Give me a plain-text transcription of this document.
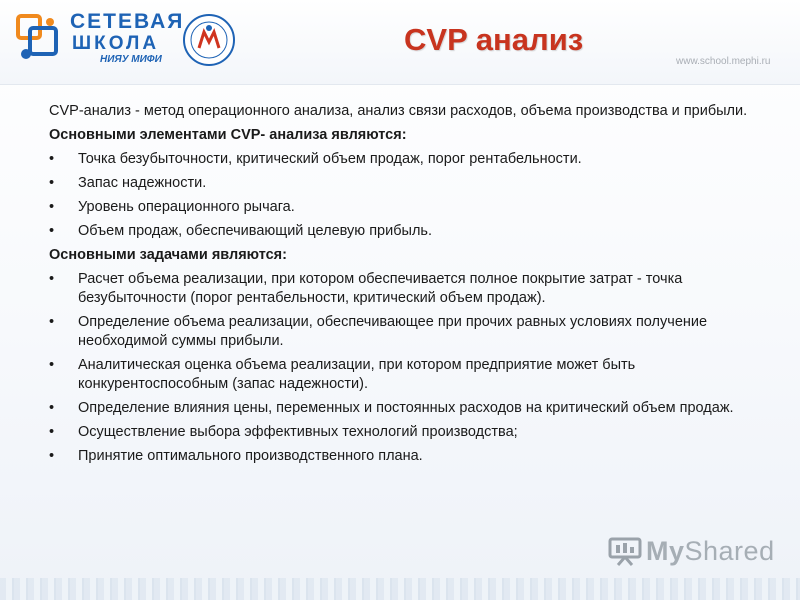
СЕТЕВАЯ
ШКОЛА
НИЯУ МИФИ
CVP анализ
www.school.mephi.ru

CVP-анализ - метод операционного анализа, анализ связи расходов, объема производства и прибыли.

Основными элементами CVP- анализа являются:

• Точка безубыточности, критический объем продаж, порог рентабельности.
• Запас надежности.
• Уровень операционного рычага.
• Объем продаж, обеспечивающий целевую прибыль.

Основными задачами являются:

• Расчет объема реализации, при котором обеспечивается полное покрытие затрат - точка безубыточности (порог рентабельности, критический объем продаж).
• Определение объема реализации, обеспечивающее при прочих равных условиях получение необходимой суммы прибыли.
• Аналитическая оценка объема реализации, при котором предприятие может быть конкурентоспособным (запас надежности).
• Определение влияния цены, переменных и постоянных расходов на критический объем продаж.
• Осуществление выбора эффективных технологий производства;
• Принятие оптимального производственного плана.
MyShared
